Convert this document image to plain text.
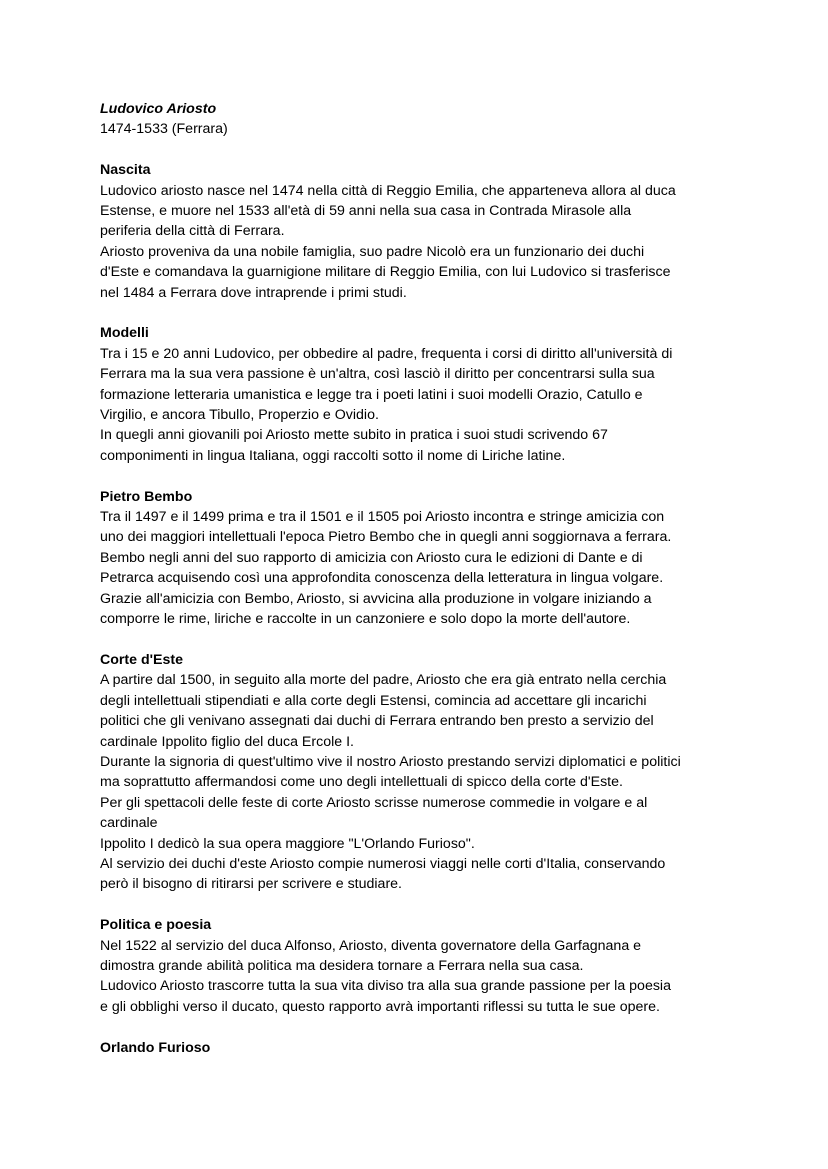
Ludovico Ariosto
1474-1533 (Ferrara)
Nascita
Ludovico ariosto nasce nel 1474 nella città di Reggio Emilia, che apparteneva allora al duca
Estense, e muore nel 1533 all'età di 59 anni nella sua casa in Contrada Mirasole alla
periferia della città di Ferrara.
Ariosto proveniva da una nobile famiglia, suo padre Nicolò era un funzionario dei duchi
d'Este e comandava la guarnigione militare di Reggio Emilia, con lui Ludovico si trasferisce
nel 1484 a Ferrara dove intraprende i primi studi.
Modelli
Tra i 15 e 20 anni Ludovico, per obbedire al padre, frequenta i corsi di diritto all'università di
Ferrara ma la sua vera passione è un'altra, così lasciò il diritto per concentrarsi sulla sua
formazione letteraria umanistica e legge tra i poeti latini i suoi modelli Orazio, Catullo e
Virgilio, e ancora Tibullo, Properzio e Ovidio.
In quegli anni giovanili poi Ariosto mette subito in pratica i suoi studi scrivendo 67
componimenti in lingua Italiana, oggi raccolti sotto il nome di Liriche latine.
Pietro Bembo
Tra il 1497 e il 1499 prima e tra il 1501 e il 1505 poi Ariosto incontra e stringe amicizia con
uno dei maggiori intellettuali l'epoca Pietro Bembo che in quegli anni soggiornava a ferrara.
Bembo negli anni del suo rapporto di amicizia con Ariosto cura le edizioni di Dante e di
Petrarca acquisendo così una approfondita conoscenza della letteratura in lingua volgare.
Grazie all'amicizia con Bembo, Ariosto, si avvicina alla produzione in volgare iniziando a
comporre le rime, liriche e raccolte in un canzoniere e solo dopo la morte dell'autore.
Corte d'Este
A partire dal 1500, in seguito alla morte del padre, Ariosto che era già entrato nella cerchia
degli intellettuali stipendiati e alla corte degli Estensi, comincia ad accettare gli incarichi
politici che gli venivano assegnati dai duchi di Ferrara entrando ben presto a servizio del
cardinale Ippolito figlio del duca Ercole I.
Durante la signoria di quest'ultimo vive il nostro Ariosto prestando servizi diplomatici e politici
ma soprattutto affermandosi come uno degli intellettuali di spicco della corte d'Este.
Per gli spettacoli delle feste di corte Ariosto scrisse numerose commedie in volgare e al
cardinale
Ippolito I dedicò la sua opera maggiore "L'Orlando Furioso".
Al servizio dei duchi d'este Ariosto compie numerosi viaggi nelle corti d'Italia, conservando
però il bisogno di ritirarsi per scrivere e studiare.
Politica e poesia
Nel 1522 al servizio del duca Alfonso, Ariosto, diventa governatore della Garfagnana e
dimostra grande abilità politica ma desidera tornare a Ferrara nella sua casa.
Ludovico Ariosto trascorre tutta la sua vita diviso tra alla sua grande passione per la poesia
e gli obblighi verso il ducato, questo rapporto avrà importanti riflessi su tutta le sue opere.
Orlando Furioso
